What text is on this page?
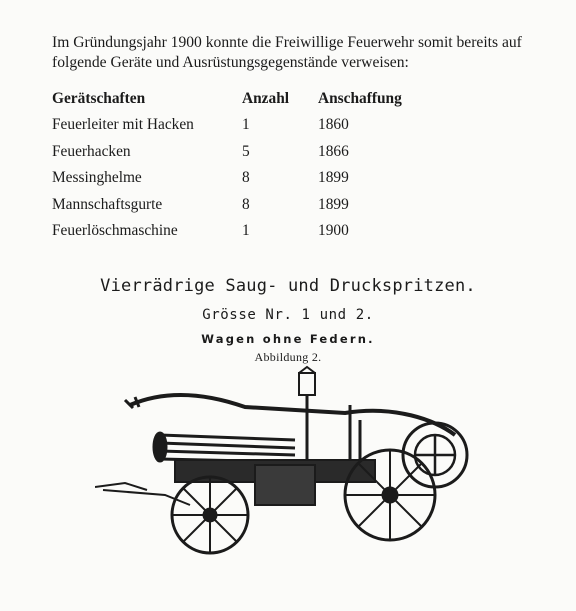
Im Gründungsjahr 1900 konnte die Freiwillige Feuerwehr somit bereits auf
folgende Geräte und Ausrüstungsgegenstände verweisen:
Gerätschaften	Anzahl	Anschaffung
Feuerleiter mit Hacken	1	1860
Feuerhacken	5	1866
Messinghelme	8	1899
Mannschaftsgurte	8	1899
Feuerlöschmaschine	1	1900
Vierrädrige Saug- und Druckspritzen.
Grösse Nr. 1 und 2.
Wagen ohne Federn.
Abbildung 2.
